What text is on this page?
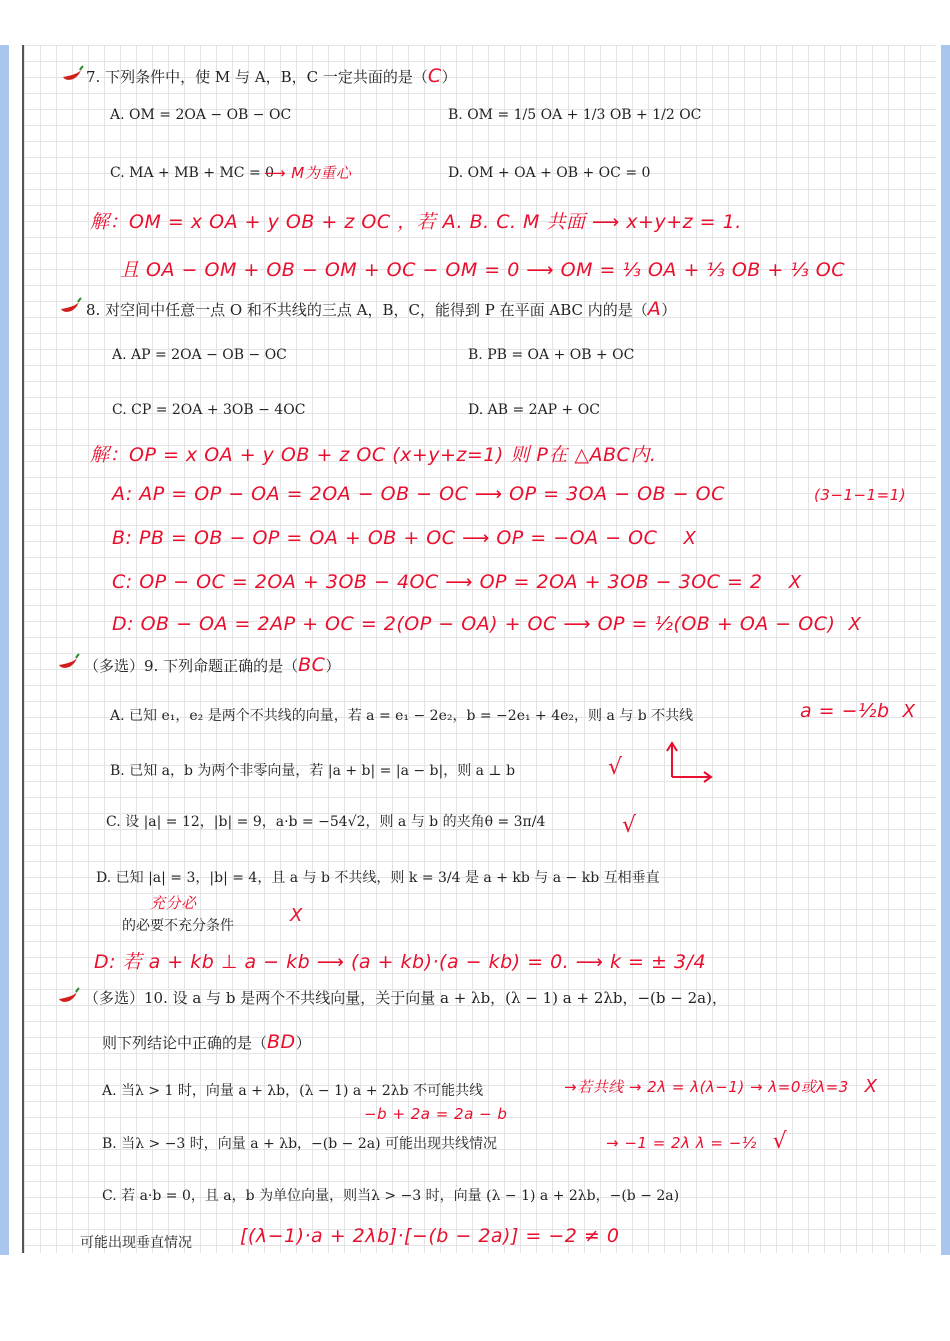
7. 下列条件中，使 M 与 A，B，C 一定共面的是（C）
A. OM = 2OA − OB − OC	B. OM = 1/5 OA + 1/3 OB + 1/2 OC
C. MA + MB + MC = 0
⟶ M为重心	D. OM + OA + OB + OC = 0
解：OM = x OA + y OB + z OC ，若 A. B. C. M 共面 ⟶ x+y+z = 1.
且 OA − OM + OB − OM + OC − OM = 0 ⟶ OM = ⅓ OA + ⅓ OB + ⅓ OC
8. 对空间中任意一点 O 和不共线的三点 A，B，C，能得到 P 在平面 ABC 内的是（A）
A. AP = 2OA − OB − OC	B. PB = OA + OB + OC
C. CP = 2OA + 3OB − 4OC	D. AB = 2AP + OC
解：OP = x OA + y OB + z OC (x+y+z=1) 则 P在 △ABC内.
A: AP = OP − OA = 2OA − OB − OC ⟶ OP = 3OA − OB − OC	(3−1−1=1)
B: PB = OB − OP = OA + OB + OC ⟶ OP = −OA − OC X
C: OP − OC = 2OA + 3OB − 4OC ⟶ OP = 2OA + 3OB − 3OC = 2 X
D: OB − OA = 2AP + OC = 2(OP − OA) + OC ⟶ OP = ½(OB + OA − OC) X
（多选）9. 下列命题正确的是（BC）
A. 已知 e₁，e₂ 是两个不共线的向量，若 a = e₁ − 2e₂，b = −2e₁ + 4e₂，则 a 与 b 不共线	a = −½b X
B. 已知 a，b 为两个非零向量，若 |a + b| = |a − b|，则 a ⊥ b	√
C. 设 |a| = 12，|b| = 9，a·b = −54√2，则 a 与 b 的夹角θ = 3π/4	√
D. 已知 |a| = 3，|b| = 4，且 a 与 b 不共线，则 k = 3/4 是 a + kb 与 a − kb 互相垂直
充分必
的必要不充分条件	X
D: 若 a + kb ⊥ a − kb ⟶ (a + kb)·(a − kb) = 0. ⟶ k = ± 3/4
（多选）10. 设 a 与 b 是两个不共线向量，关于向量 a + λb，(λ − 1) a + 2λb，−(b − 2a)，
则下列结论中正确的是（BD）
A. 当λ > 1 时，向量 a + λb，(λ − 1) a + 2λb 不可能共线	→若共线 → 2λ = λ(λ−1) → λ=0或λ=3 X
−b + 2a = 2a − b
B. 当λ > −3 时，向量 a + λb，−(b − 2a) 可能出现共线情况	→ −1 = 2λ λ = −½ √
C. 若 a·b = 0，且 a，b 为单位向量，则当λ > −3 时，向量 (λ − 1) a + 2λb，−(b − 2a)
可能出现垂直情况	[(λ−1)·a + 2λb]·[−(b − 2a)] = −2 ≠ 0
